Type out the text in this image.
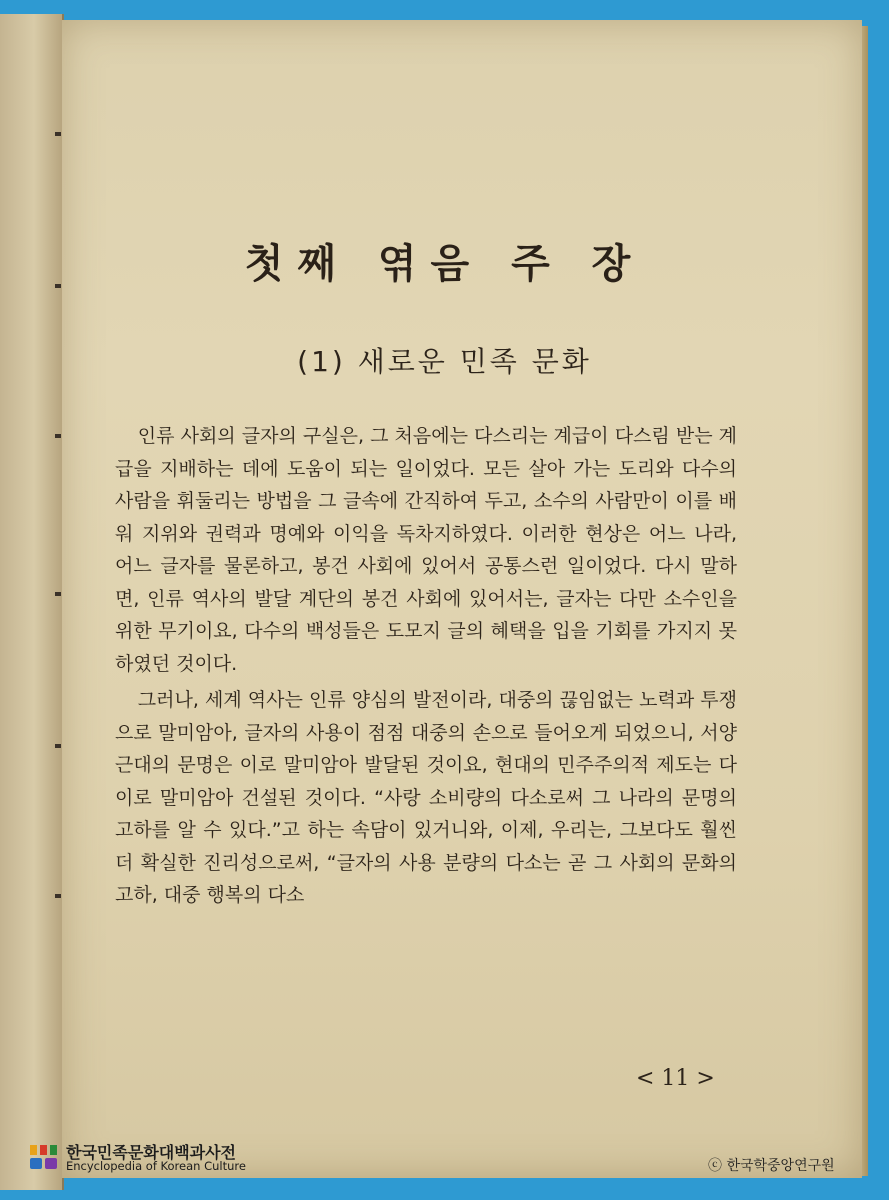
첫째 엮음 주 장
(1) 새로운 민족 문화

인류 사회의 글자의 구실은, 그 처음에는 다스리는 계급이 다스림 받는 계급을 지배하는 데에 도움이 되는 일이었다. 모든 살아 가는 도리와 다수의 사람을 휘둘리는 방법을 그 글속에 간직하여 두고, 소수의 사람만이 이를 배워 지위와 권력과 명예와 이익을 독차지하였다. 이러한 현상은 어느 나라, 어느 글자를 물론하고, 봉건 사회에 있어서 공통스런 일이었다. 다시 말하면, 인류 역사의 발달 계단의 봉건 사회에 있어서는, 글자는 다만 소수인을 위한 무기이요, 다수의 백성들은 도모지 글의 혜택을 입을 기회를 가지지 못하였던 것이다.

그러나, 세계 역사는 인류 양심의 발전이라, 대중의 끊임없는 노력과 투쟁으로 말미암아, 글자의 사용이 점점 대중의 손으로 들어오게 되었으니, 서양 근대의 문명은 이로 말미암아 발달된 것이요, 현대의 민주주의적 제도는 다 이로 말미암아 건설된 것이다. “사랑 소비량의 다소로써 그 나라의 문명의 고하를 알 수 있다.”고 하는 속담이 있거니와, 이제, 우리는, 그보다도 훨씬 더 확실한 진리성으로써, “글자의 사용 분량의 다소는 곧 그 사회의 문화의 고하, 대중 행복의 다소

< 11 >
한국민족문화대백과사전
Encyclopedia of Korean Culture	ⓒ 한국학중앙연구원
